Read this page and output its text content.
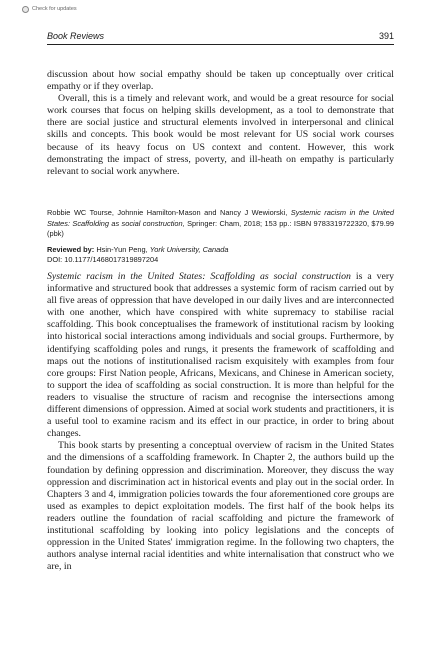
Check for updates
Book Reviews	391

discussion about how social empathy should be taken up conceptually over critical empathy or if they overlap.

Overall, this is a timely and relevant work, and would be a great resource for social work courses that focus on helping skills development, as a tool to demonstrate that there are social justice and structural elements involved in interpersonal and clinical skills and concepts. This book would be most relevant for US social work courses because of its heavy focus on US context and content. However, this work demonstrating the impact of stress, poverty, and ill-heath on empathy is particularly relevant to social work anywhere.

Robbie WC Tourse, Johnnie Hamilton-Mason and Nancy J Wewiorski, Systemic racism in the United States: Scaffolding as social construction, Springer: Cham, 2018; 153 pp.: ISBN 9783319722320, $79.99 (pbk)
Reviewed by: Hsin-Yun Peng, York University, Canada
DOI: 10.1177/1468017319897204

Systemic racism in the United States: Scaffolding as social construction is a very informative and structured book that addresses a systemic form of racism carried out by all five areas of oppression that have developed in our daily lives and are interconnected with one another, which have conspired with white supremacy to stabilise racial scaffolding. This book conceptualises the framework of institutional racism by looking into historical social interactions among individuals and social groups. Furthermore, by identifying scaffolding poles and rungs, it presents the framework of scaffolding and maps out the notions of institutionalised racism exquisitely with examples from four core groups: First Nation people, Africans, Mexicans, and Chinese in American society, to support the idea of scaffolding as social construction. It is more than helpful for the readers to visualise the structure of racism and recognise the intersections among different dimensions of oppression. Aimed at social work students and practitioners, it is a useful tool to examine racism and its effect in our practice, in order to bring about changes.

This book starts by presenting a conceptual overview of racism in the United States and the dimensions of a scaffolding framework. In Chapter 2, the authors build up the foundation by defining oppression and discrimination. Moreover, they discuss the way oppression and discrimination act in historical events and play out in the social order. In Chapters 3 and 4, immigration policies towards the four aforementioned core groups are used as examples to depict exploitation models. The first half of the book helps its readers outline the foundation of racial scaffolding and picture the framework of institutional scaffolding by looking into policy legislations and the concepts of oppression in the United States' immigration regime. In the following two chapters, the authors analyse internal racial identities and white internalisation that construct who we are, in
